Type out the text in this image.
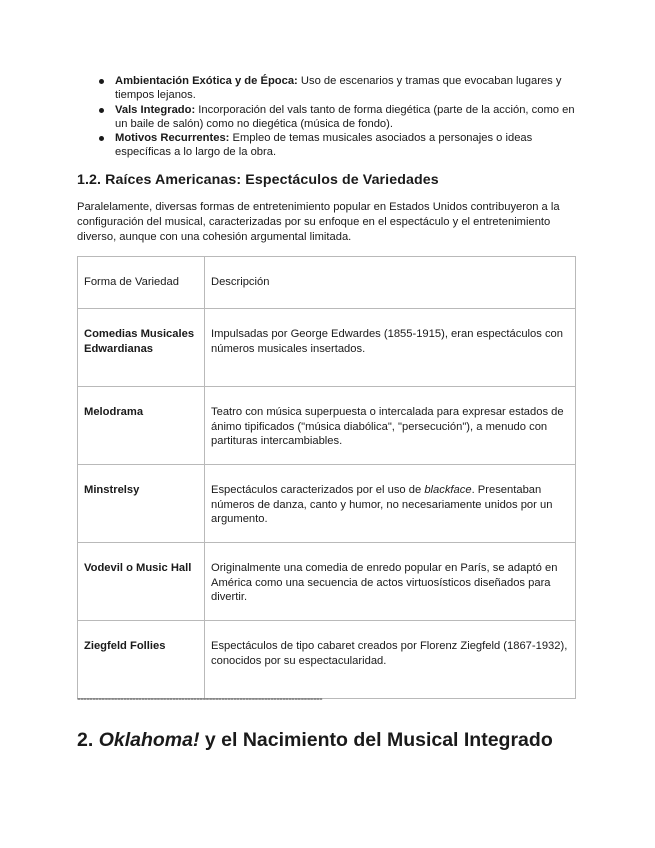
Ambientación Exótica y de Época: Uso de escenarios y tramas que evocaban lugares y tiempos lejanos.
Vals Integrado: Incorporación del vals tanto de forma diegética (parte de la acción, como en un baile de salón) como no diegética (música de fondo).
Motivos Recurrentes: Empleo de temas musicales asociados a personajes o ideas específicas a lo largo de la obra.
1.2. Raíces Americanas: Espectáculos de Variedades

Paralelamente, diversas formas de entretenimiento popular en Estados Unidos contribuyeron a la configuración del musical, caracterizadas por su enfoque en el espectáculo y el entretenimiento diverso, aunque con una cohesión argumental limitada.

Forma de Variedad	Descripción

Comedias Musicales Edwardianas	Impulsadas por George Edwardes (1855-1915), eran espectáculos con números musicales insertados.

Melodrama	Teatro con música superpuesta o intercalada para expresar estados de ánimo tipificados ("música diabólica", "persecución"), a menudo con partituras intercambiables.

Minstrelsy	Espectáculos caracterizados por el uso de blackface. Presentaban números de danza, canto y humor, no necesariamente unidos por un argumento.

Vodevil o Music Hall	Originalmente una comedia de enredo popular en París, se adaptó en América como una secuencia de actos virtuosísticos diseñados para divertir.

Ziegfeld Follies	Espectáculos de tipo cabaret creados por Florenz Ziegfeld (1867-1932), conocidos por su espectacularidad.
--------------------------------------------------------------------------------
2. Oklahoma! y el Nacimiento del Musical Integrado
